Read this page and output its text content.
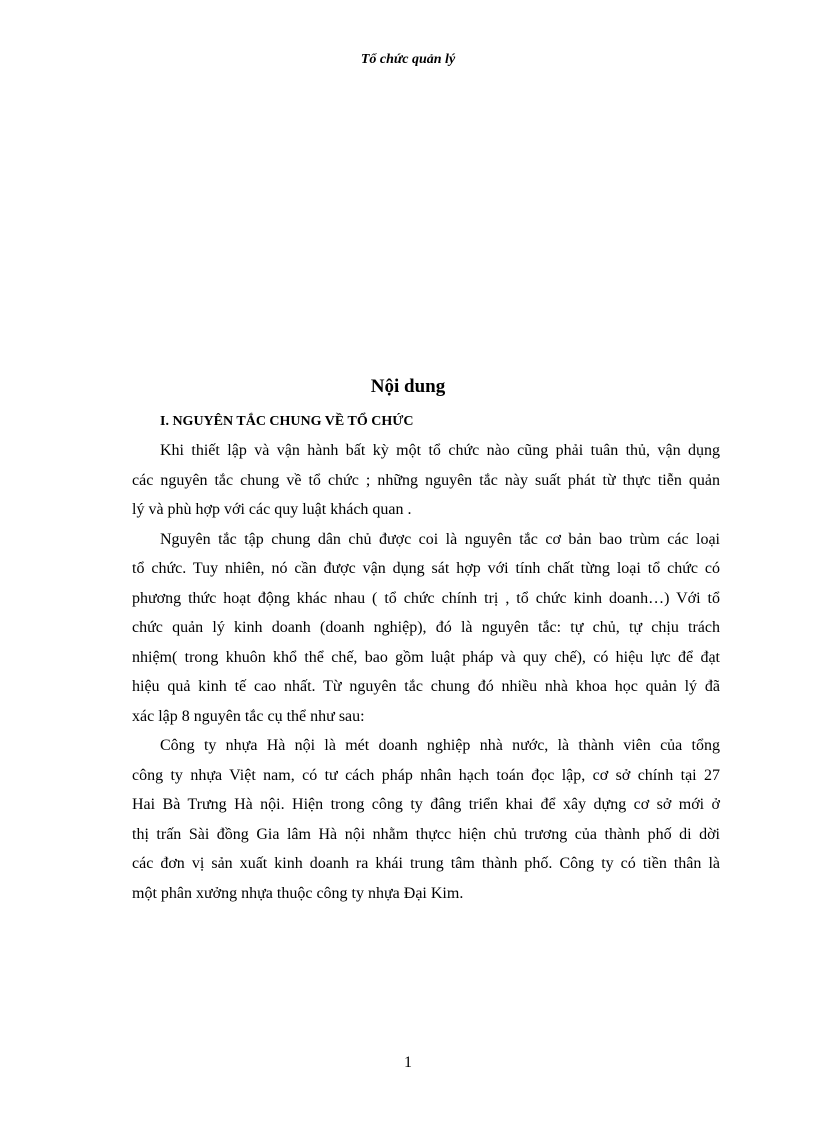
Tổ chức quản lý
Nội dung
I. NGUYÊN TẮC CHUNG VỀ TỔ CHỨC
Khi thiết lập và vận hành bất kỳ một tổ chức nào cũng phải tuân thủ, vận dụng
các nguyên tắc chung về tổ chức ; những nguyên tắc này suất phát từ thực tiễn quản
lý và phù hợp với các quy luật khách quan .
Nguyên tắc tập chung dân chủ được coi là nguyên tắc cơ bản bao trùm các loại
tổ chức. Tuy nhiên, nó cần được vận dụng sát hợp với tính chất từng loại tổ chức có
phương thức hoạt động khác nhau ( tổ chức chính trị , tổ chức kinh doanh…) Với tổ
chức quản lý kinh doanh (doanh nghiệp), đó là nguyên tắc: tự chủ, tự chịu trách
nhiệm( trong khuôn khổ thể chế, bao gồm luật pháp và quy chế), có hiệu lực để đạt
hiệu quả kinh tế cao nhất. Từ nguyên tắc chung đó nhiều nhà khoa học quản lý đã
xác lập 8 nguyên tắc cụ thể như sau:
Công ty nhựa Hà nội là mét doanh nghiệp nhà nước, là thành viên của tổng
công ty nhựa Việt nam, có tư cách pháp nhân hạch toán đọc lập, cơ sở chính tại 27
Hai Bà Trưng Hà nội. Hiện trong công ty đâng triển khai để xây dựng cơ sở mới ở
thị trấn Sài đồng Gia lâm Hà nội nhằm thựcc hiện chủ trương của thành phố di dời
các đơn vị sản xuất kinh doanh ra khái trung tâm thành phố. Công ty có tiền thân là
một phân xưởng nhựa thuộc công ty nhựa Đại Kim.
1
